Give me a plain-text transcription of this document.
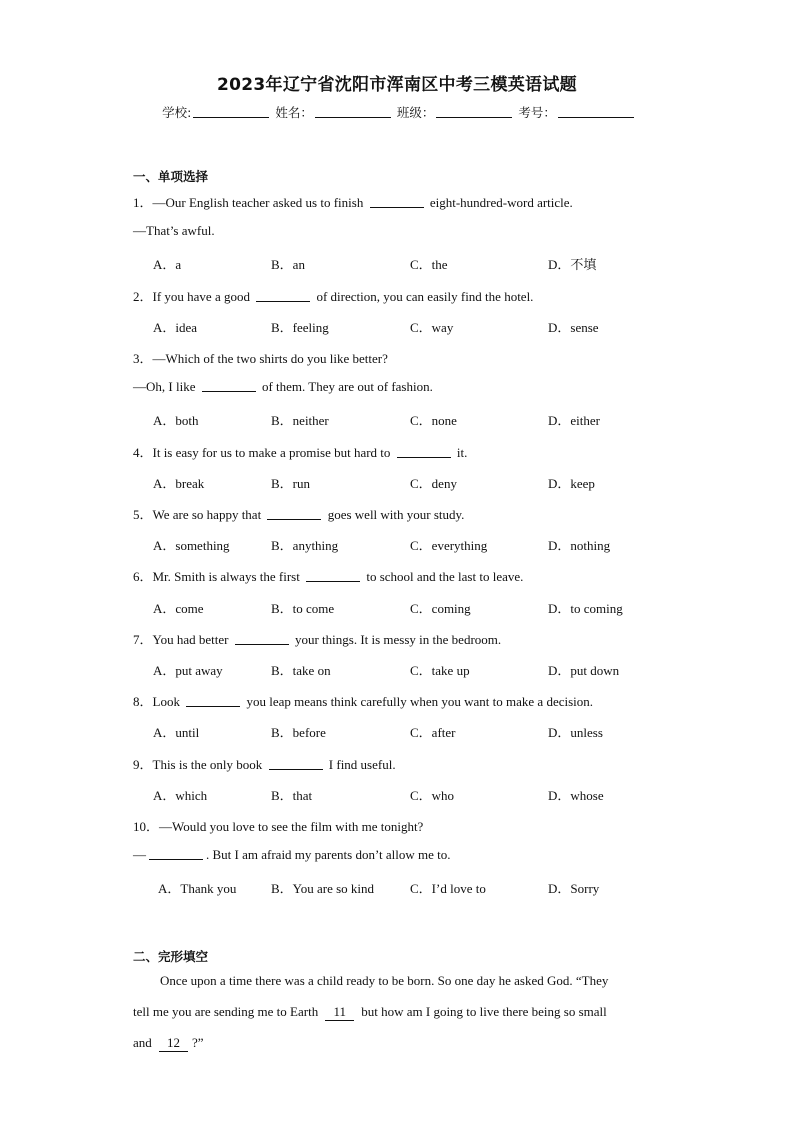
2023年辽宁省沈阳市浑南区中考三模英语试题
学校:	姓名：	班级：	考号：
一、单项选择
1．—Our English teacher asked us to finish	eight-hundred-word article.
—That’s awful.
A．a	B．an	C．the	D．不填
2．If you have a good	of direction, you can easily find the hotel.
A．idea	B．feeling	C．way	D．sense
3．—Which of the two shirts do you like better?
—Oh, I like	of them. They are out of fashion.
A．both	B．neither	C．none	D．either
4．It is easy for us to make a promise but hard to	it.
A．break	B．run	C．deny	D．keep
5．We are so happy that	goes well with your study.
A．something	B．anything	C．everything	D．nothing
6．Mr. Smith is always the first	to school and the last to leave.
A．come	B．to come	C．coming	D．to coming
7．You had better	your things. It is messy in the bedroom.
A．put away	B．take on	C．take up	D．put down
8．Look	you leap means think carefully when you want to make a decision.
A．until	B．before	C．after	D．unless
9．This is the only book	I find useful.
A．which	B．that	C．who	D．whose
10．—Would you love to see the film with me tonight?
—	. But I am afraid my parents don’t allow me to.
A．Thank you	B．You are so kind	C．I’d love to	D．Sorry
二、完形填空
Once upon a time there was a child ready to be born. So one day he asked God. “They
tell me you are sending me to Earth 11 but how am I going to live there being so small
and 12 ?”
